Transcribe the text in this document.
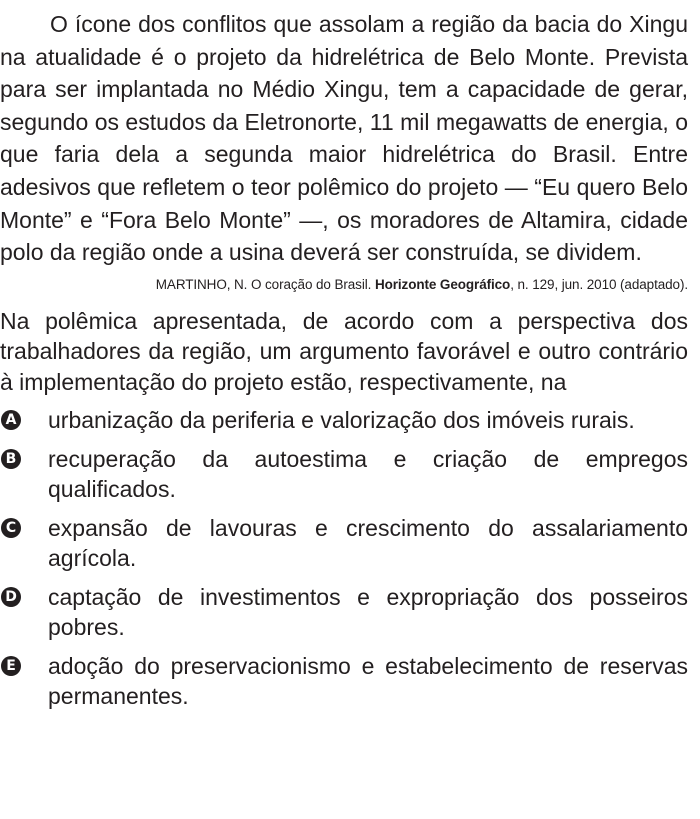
O ícone dos conflitos que assolam a região da bacia do Xingu na atualidade é o projeto da hidrelétrica de Belo Monte. Prevista para ser implantada no Médio Xingu, tem a capacidade de gerar, segundo os estudos da Eletronorte, 11 mil megawatts de energia, o que faria dela a segunda maior hidrelétrica do Brasil. Entre adesivos que refletem o teor polêmico do projeto — “Eu quero Belo Monte” e “Fora Belo Monte” —, os moradores de Altamira, cidade polo da região onde a usina deverá ser construída, se dividem.

MARTINHO, N. O coração do Brasil. Horizonte Geográfico, n. 129, jun. 2010 (adaptado).

Na polêmica apresentada, de acordo com a perspectiva dos trabalhadores da região, um argumento favorável e outro contrário à implementação do projeto estão, respectivamente, na

A urbanização da periferia e valorização dos imóveis rurais.
B recuperação da autoestima e criação de empregos qualificados.
C expansão de lavouras e crescimento do assalariamento agrícola.
D captação de investimentos e expropriação dos posseiros pobres.
E adoção do preservacionismo e estabelecimento de reservas permanentes.
